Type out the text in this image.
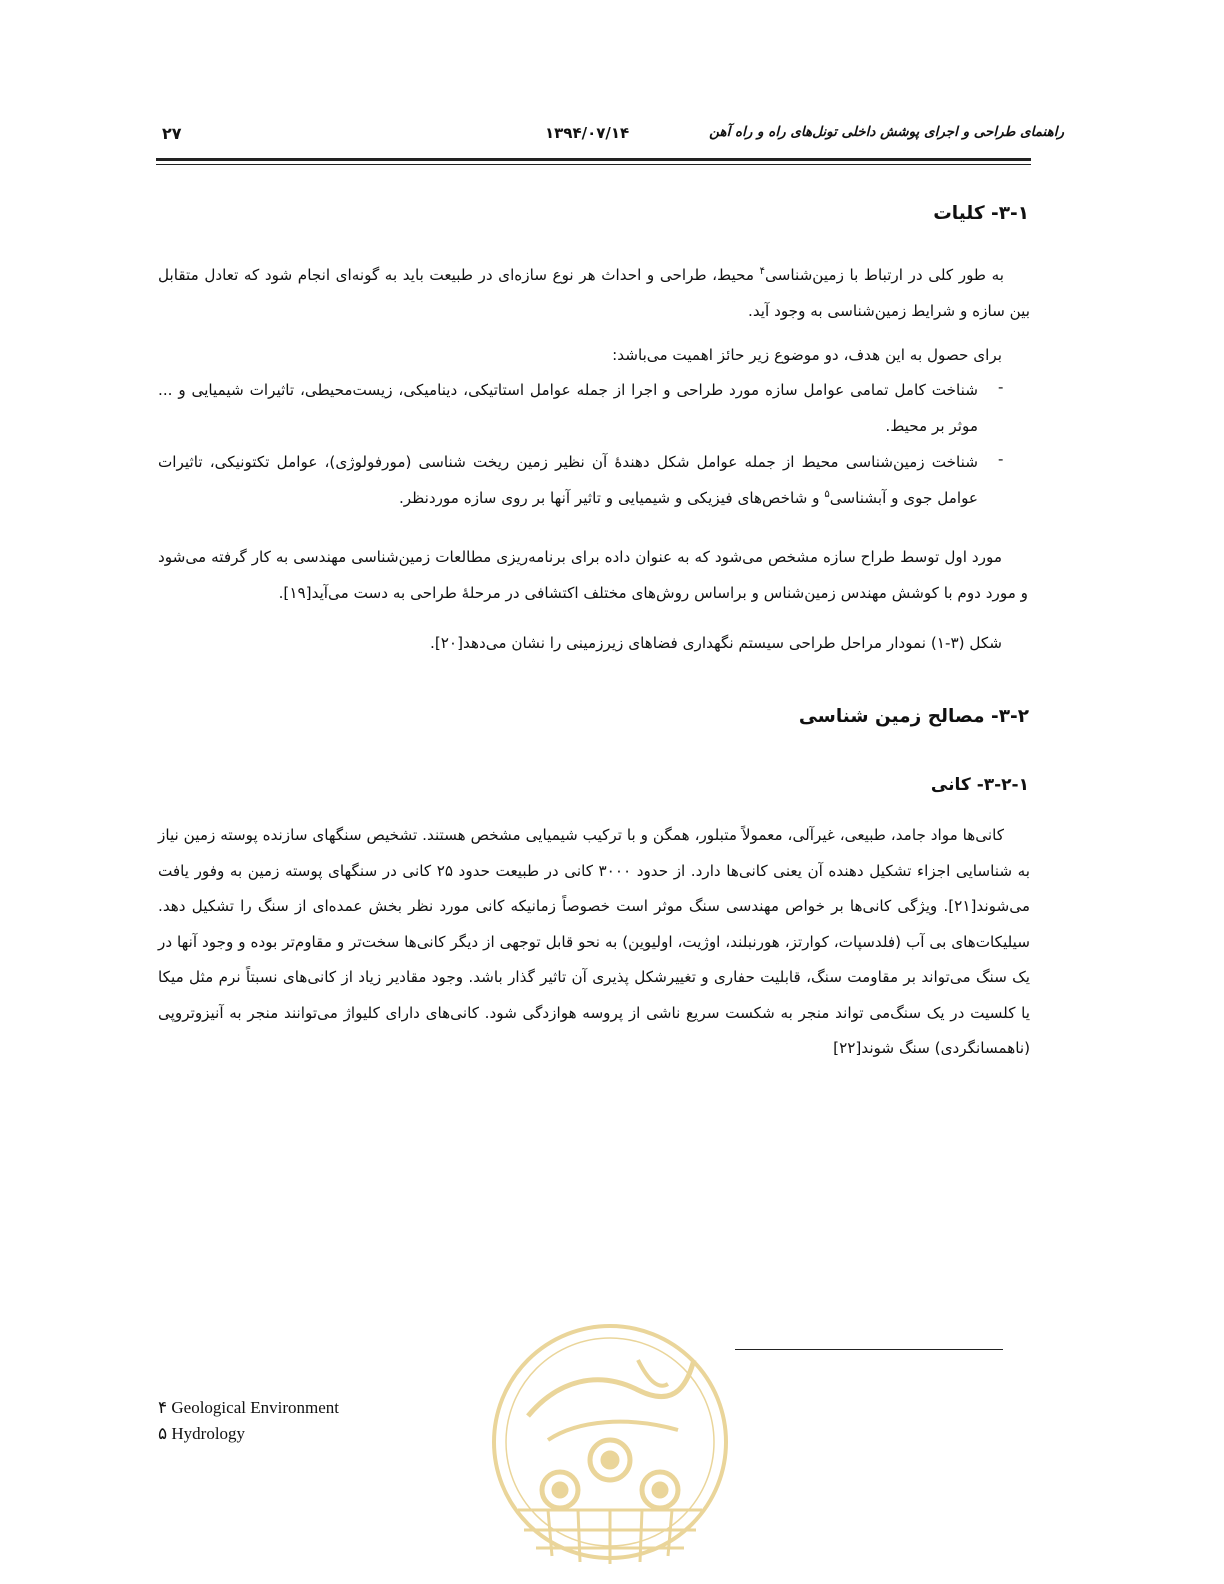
راهنمای طراحی و اجرای پوشش داخلی تونل‌های راه و راه آهن
۱۳۹۴/۰۷/۱۴
۲۷
۳-۱- کلیات
به طور کلی در ارتباط با زمین‌شناسی$^۴$ محیط، طراحی و احداث هر نوع سازه‌ای در طبیعت باید به گونه‌ای انجام شود که تعادل متقابل بین سازه و شرایط زمین‌شناسی به وجود آید.
برای حصول به این هدف، دو موضوع زیر حائز اهمیت می‌باشد:
-
شناخت کامل تمامی عوامل سازه مورد طراحی و اجرا از جمله عوامل استاتیکی، دینامیکی، زیست‌محیطی، تاثیرات شیمیایی و ... موثر بر محیط.
-
شناخت زمین‌شناسی محیط از جمله عوامل شکل دهندهٔ آن نظیر زمین ریخت شناسی (مورفولوژی)، عوامل تکتونیکی، تاثیرات عوامل جوی و آبشناسی$^۵$ و شاخص‌های فیزیکی و شیمیایی و تاثیر آنها بر روی سازه موردنظر.
مورد اول توسط طراح سازه مشخص می‌شود که به عنوان داده برای برنامه‌ریزی مطالعات زمین‌شناسی مهندسی به کار گرفته می‌شود و مورد دوم با کوشش مهندس زمین‌شناس و براساس روش‌های مختلف اکتشافی در مرحلهٔ طراحی به دست می‌آید[۱۹].
شکل (۳-۱) نمودار مراحل طراحی سیستم نگهداری فضاهای زیرزمینی را نشان می‌دهد[۲۰].
۳-۲- مصالح زمین شناسی
۳-۲-۱- کانی
کانی‌ها مواد جامد، طبیعی، غیرآلی، معمولاً متبلور، همگن و با ترکیب شیمیایی مشخص هستند. تشخیص سنگهای سازنده پوسته زمین نیاز به شناسایی اجزاء تشکیل دهنده آن یعنی کانی‌ها دارد. از حدود ۳۰۰۰ کانی در طبیعت حدود ۲۵ کانی در سنگهای پوسته زمین به وفور یافت می‌شوند[۲۱]. ویژگی کانی‌ها بر خواص مهندسی سنگ موثر است خصوصاً زمانیکه کانی مورد نظر بخش عمده‌ای از سنگ را تشکیل دهد. سیلیکات‌های بی آب (فلدسپات، کوارتز، هورنبلند، اوژیت، اولیوین) به نحو قابل توجهی از دیگر کانی‌ها سخت‌تر و مقاوم‌تر بوده و وجود آنها در یک سنگ می‌تواند بر مقاومت سنگ، قابلیت حفاری و تغییرشکل پذیری آن تاثیر گذار باشد. وجود مقادیر زیاد از کانی‌های نسبتاً نرم مثل میکا یا کلسیت در یک سنگ‌می تواند منجر به شکست سریع ناشی از پروسه هوازدگی شود. کانی‌های دارای کلیواژ می‌توانند منجر به آنیزوتروپی (ناهمسانگردی) سنگ شوند[۲۲]
۴ Geological Environment
۵ Hydrology
